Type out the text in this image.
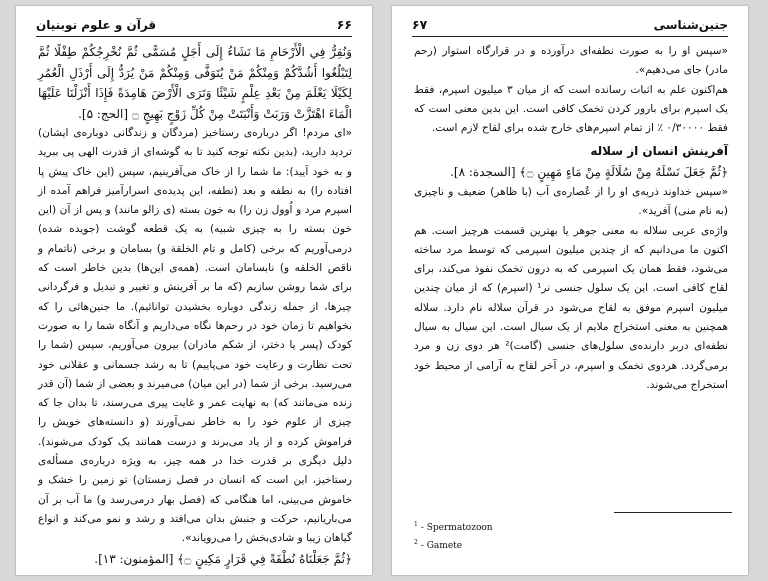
قرآن و علوم نوبنیان	۶۶

وَنُقِرُّ فِي الْأَرْحَامِ مَا نَشَاءُ إِلَى أَجَلٍ مُسَمًّى ثُمَّ نُخْرِجُكُمْ طِفْلًا ثُمَّ لِتَبْلُغُوا أَشُدَّكُمْ وَمِنْكُمْ مَنْ يُتَوَفَّى وَمِنْكُمْ مَنْ يُرَدُّ إِلَى أَرْذَلِ الْعُمُرِ لِكَيْلَا يَعْلَمَ مِنْ بَعْدِ عِلْمٍ شَيْئًا وَتَرَى الْأَرْضَ هَامِدَةً فَإِذَا أَنْزَلْنَا عَلَيْهَا الْمَاءَ اهْتَزَّتْ وَرَبَتْ وَأَنْبَتَتْ مِنْ كُلِّ زَوْجٍ بَهِيجٍ ۝ [الحج: ۵].

«ای مردم! اگر درباره‌ی رستاخیز (مردگان و زندگانی دوباره‌ی ایشان) تردید دارید، (بدین نکته توجه کنید تا به گوشه‌ای از قدرت الهی پی ببرید و به خود آیید): ما شما را از خاک می‌آفرینیم، سپس (این خاک پیش پا افتاده را) به نطفه و بعد (نطفه، این پدیده‌ی اسرارآمیز فراهم آمده از اسپرم مرد و اُوول زن را) به خون بسته (ی زالو مانند) و پس از آن (این خون بسته را به چیزی شبیه) به یک قطعه گوشت (جویده شده) درمی‌آوریم که برخی (کامل و تام الخلقة و) بسامان و برخی (ناتمام و ناقص الخلقه و) نابسامان است. (همه‌ی این‌ها) بدین خاطر است که برای شما روشن سازیم (که ما بر آفرینش و تغییر و تبدیل و فرگردانی چیزها، از جمله زندگی دوباره بخشیدن توانائیم). ما جنین‌هائی را که بخواهیم تا زمان خود در رحم‌ها نگاه می‌داریم و آنگاه شما را به صورت کودک (پسر یا دختر، از شکم مادران) بیرون می‌آوریم، سپس (شما را تحت نظارت و رعایت خود می‌پاییم) تا به رشد جسمانی و عقلانی خود می‌رسید. برخی از شما (در این میان) می‌میرند و بعضی از شما (آن قدر زنده می‌مانند که) به نهایت عمر و غایت پیری می‌رسند، تا بدان جا که چیزی از علوم خود را به خاطر نمی‌آورند (و دانسته‌های خویش را فراموش کرده و از یاد می‌برند و درست همانند یک کودک می‌شوند). دلیل دیگری بر قدرت خدا در همه چیز، به ویژه درباره‌ی مسأله‌ی رستاخیز، این است که انسان در فصل زمستان) تو زمین را خشک و خاموش می‌بینی، اما هنگامی که (فصل بهار درمی‌رسد و) ما آب بر آن می‌باریانیم، حرکت و جنبش بدان می‌افتد و رشد و نمو می‌کند و انواع گیاهان زیبا و شادی‌بخش را می‌رویاند».

﴿ثُمَّ جَعَلْنَاهُ نُطْفَةً فِي قَرَارٍ مَكِينٍ ۝﴾ [المؤمنون: ۱۳].

جنین‌شناسی
۶۷

«سپس او را به صورت نطفه‌ای درآورده و در قرارگاه استوار (رحم مادر) جای می‌دهیم».

هم‌اکنون علم به اثبات رسانده است که از میان ۳ میلیون اسپرم، فقط یک اسپرم برای بارور کردن تخمک کافی است. این بدین معنی است که فقط ۰/۳۰۰۰۰ ٪ از تمام اسپرم‌های خارج شده برای لقاح لازم است.

آفرینش انسان از سلاله

﴿ثُمَّ جَعَلَ نَسْلَهُ مِنْ سُلَالَةٍ مِنْ مَاءٍ مَهِينٍ ۝﴾ [السجدة: ۸].

«سپس خداوند ذریه‌ی او را از عُصاره‌ی آب (با ظاهر) ضعیف و ناچیزی (به نام منی) آفرید».

واژه‌ی عربی سلاله به معنی جوهر یا بهترین قسمت هرچیز است. هم اکنون ما می‌دانیم که از چندین میلیون اسپرمی که توسط مرد ساخته می‌شود، فقط همان یک اسپرمی که به درون تخمک نفوذ می‌کند، برای لقاح کافی است. این یک سلول جنسی نر¹ (اسپرم) که از میان چندین میلیون اسپرم موفق به لقاح می‌شود در قرآن سلاله نام دارد. سلاله همچنین به معنی استخراج ملایم از یک سیال است. این سیال به سیال نطفه‌ای دربر دارنده‌ی سلول‌های جنسی (گامت)² هر دوی زن و مرد برمی‌گردد. هردوی تخمک و اسپرم، در آخر لقاح به آرامی از محیط خود استخراج می‌شوند.

$^1$ - Spermatozoon
$^2$ - Gamete
